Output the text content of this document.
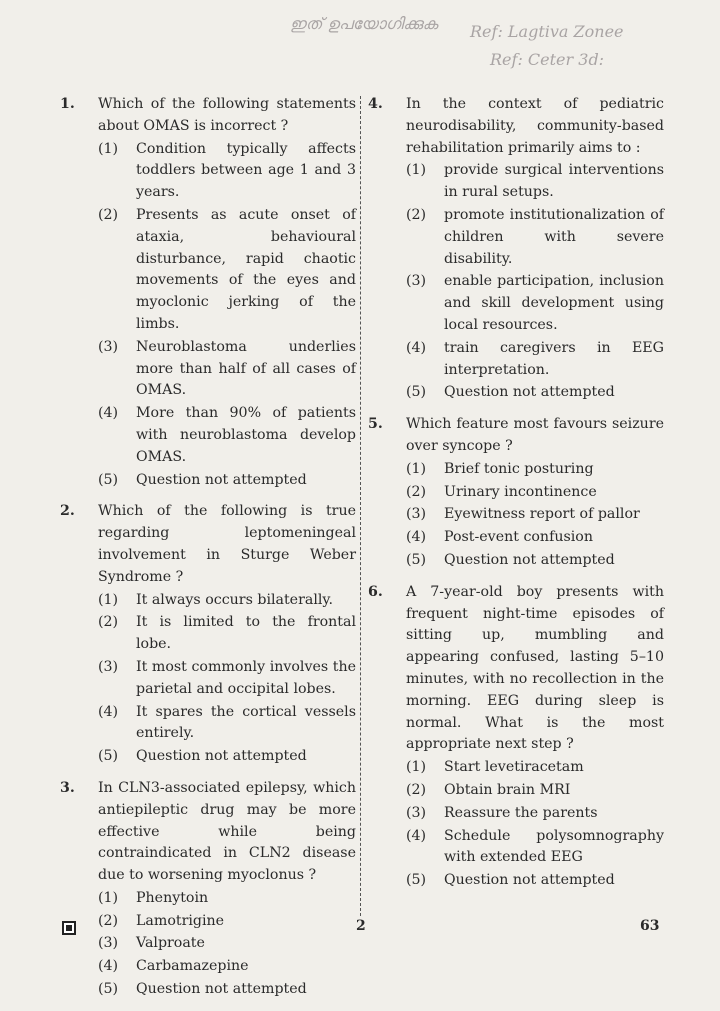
ഇത് ഉപയോഗിക്കുക Ref: Lagtiva Zonee
Ref: Ceter 3d:
1. Which of the following statements about OMAS is incorrect ?
(1) Condition typically affects toddlers between age 1 and 3 years.
(2) Presents as acute onset of ataxia, behavioural disturbance, rapid chaotic movements of the eyes and myoclonic jerking of the limbs.
(3) Neuroblastoma underlies more than half of all cases of OMAS.
(4) More than 90% of patients with neuroblastoma develop OMAS.
(5) Question not attempted
2. Which of the following is true regarding leptomeningeal involvement in Sturge Weber Syndrome ?
(1) It always occurs bilaterally.
(2) It is limited to the frontal lobe.
(3) It most commonly involves the parietal and occipital lobes.
(4) It spares the cortical vessels entirely.
(5) Question not attempted
3. In CLN3-associated epilepsy, which antiepileptic drug may be more effective while being contraindicated in CLN2 disease due to worsening myoclonus ?
(1) Phenytoin
(2) Lamotrigine
(3) Valproate
(4) Carbamazepine
(5) Question not attempted
4. In the context of pediatric neurodisability, community-based rehabilitation primarily aims to :
(1) provide surgical interventions in rural setups.
(2) promote institutionalization of children with severe disability.
(3) enable participation, inclusion and skill development using local resources.
(4) train caregivers in EEG interpretation.
(5) Question not attempted
5. Which feature most favours seizure over syncope ?
(1) Brief tonic posturing
(2) Urinary incontinence
(3) Eyewitness report of pallor
(4) Post-event confusion
(5) Question not attempted
6. A 7-year-old boy presents with frequent night-time episodes of sitting up, mumbling and appearing confused, lasting 5–10 minutes, with no recollection in the morning. EEG during sleep is normal. What is the most appropriate next step ?
(1) Start levetiracetam
(2) Obtain brain MRI
(3) Reassure the parents
(4) Schedule polysomnography with extended EEG
(5) Question not attempted
2	63
